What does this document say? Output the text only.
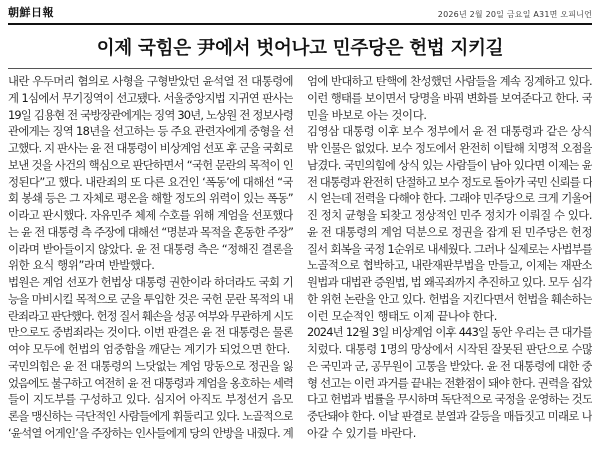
朝鮮日報	2026년 2월 20일 금요일 A31면 오피니언
이제 국힘은 尹에서 벗어나고 민주당은 헌법 지키길
내란 우두머리 혐의로 사형을 구형받았던 윤석열 전 대통령에
게 1심에서 무기징역이 선고됐다. 서울중앙지법 지귀연 판사는
19일 김용현 전 국방장관에게는 징역 30년, 노상원 전 정보사령
관에게는 징역 18년을 선고하는 등 주요 관련자에게 중형을 선
고했다. 지 판사는 윤 전 대통령이 비상계엄 선포 후 군을 국회로
보낸 것을 사건의 핵심으로 판단하면서 “국헌 문란의 목적이 인
정된다”고 했다. 내란죄의 또 다른 요건인 ‘폭동’에 대해선 “국
회 봉쇄 등은 그 자체로 평온을 해할 정도의 위력이 있는 폭동”
이라고 판시했다. 자유민주 체제 수호를 위해 계엄을 선포했다
는 윤 전 대통령 측 주장에 대해선 “명분과 목적을 혼동한 주장”
이라며 받아들이지 않았다. 윤 전 대통령 측은 “정해진 결론을
위한 요식 행위”라며 반발했다.
법원은 계엄 선포가 헌법상 대통령 권한이라 하더라도 국회 기
능을 마비시킬 목적으로 군을 투입한 것은 국헌 문란 목적의 내
란죄라고 판단했다. 헌정 질서 훼손을 성공 여부와 무관하게 시도
만으로도 중범죄라는 것이다. 이번 판결은 윤 전 대통령은 물론
여야 모두에 헌법의 엄중함을 깨닫는 계기가 되었으면 한다.
국민의힘은 윤 전 대통령의 느닷없는 계엄 망동으로 정권을 잃
었음에도 불구하고 여전히 윤 전 대통령과 계엄을 옹호하는 세력
들이 지도부를 구성하고 있다. 심지어 아직도 부정선거 음모
론을 맹신하는 극단적인 사람들에게 휘둘리고 있다. 노골적으로
‘윤석열 어게인’을 주장하는 인사들에게 당의 안방을 내줬다. 계
엄에 반대하고 탄핵에 찬성했던 사람들을 계속 징계하고 있다.
이런 행태를 보이면서 당명을 바꿔 변화를 보여준다고 한다. 국
민을 바보로 아는 것이다.
김영삼 대통령 이후 보수 정부에서 윤 전 대통령과 같은 상식
밖 인물은 없었다. 보수 정도에서 완전히 이탈해 치명적 오점을
남겼다. 국민의힘에 상식 있는 사람들이 남아 있다면 이제는 윤
전 대통령과 완전히 단절하고 보수 정도로 돌아가 국민 신뢰를 다
시 얻는데 전력을 다해야 한다. 그래야 민주당으로 크게 기울어
진 정치 균형을 되찾고 정상적인 민주 정치가 이뤄질 수 있다.
윤 전 대통령의 계엄 덕분으로 정권을 잡게 된 민주당은 헌정
질서 회복을 국정 1순위로 내세웠다. 그러나 실제로는 사법부를
노골적으로 협박하고, 내란재판부법을 만들고, 이제는 재판소
원법과 대법관 증원법, 법 왜곡죄까지 추진하고 있다. 모두 심각
한 위헌 논란을 안고 있다. 헌법을 지킨다면서 헌법을 훼손하는
이런 모순적인 행태도 이제 끝나야 한다.
2024년 12월 3일 비상계엄 이후 443일 동안 우리는 큰 대가를
치렀다. 대통령 1명의 망상에서 시작된 잘못된 판단으로 수많
은 국민과 군, 공무원이 고통을 받았다. 윤 전 대통령에 대한 중
형 선고는 이런 과거를 끝내는 전환점이 돼야 한다. 권력을 잡았
다고 헌법과 법률을 무시하며 독단적으로 국정을 운영하는 것도
중단돼야 한다. 이날 판결로 분열과 갈등을 매듭짓고 미래로 나
아갈 수 있기를 바란다.
